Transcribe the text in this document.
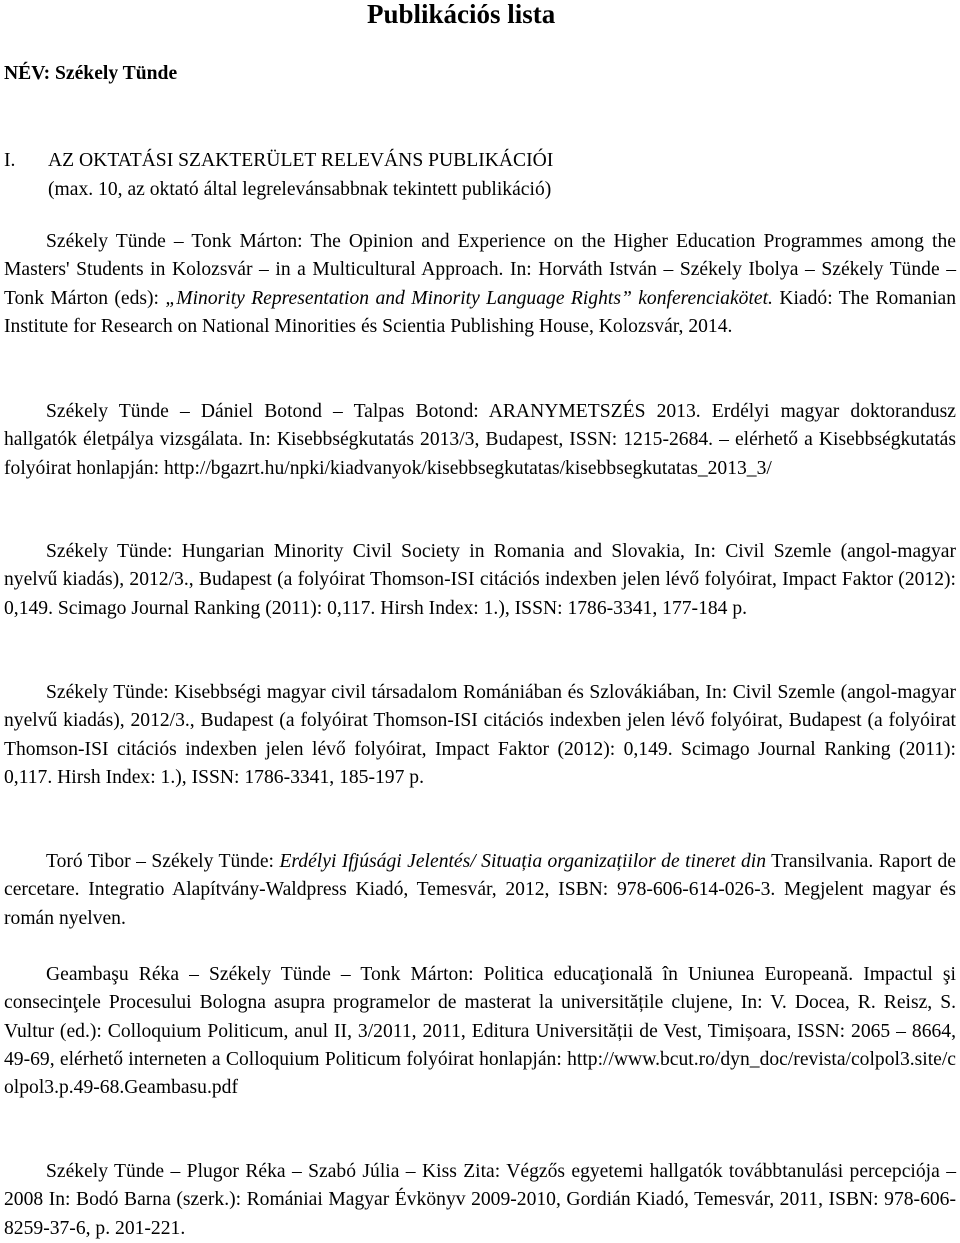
Publikációs lista
NÉV: Székely Tünde
I. AZ OKTATÁSI SZAKTERÜLET RELEVÁNS PUBLIKÁCIÓI
(max. 10, az oktató által legrelevánsabbnak tekintett publikáció)

Székely Tünde – Tonk Márton: The Opinion and Experience on the Higher Education Programmes among the Masters' Students in Kolozsvár – in a Multicultural Approach. In: Horváth István – Székely Ibolya – Székely Tünde – Tonk Márton (eds): „Minority Representation and Minority Language Rights” konferenciakötet. Kiadó: The Romanian Institute for Research on National Minorities és Scientia Publishing House, Kolozsvár, 2014.

Székely Tünde – Dániel Botond – Talpas Botond: ARANYMETSZÉS 2013. Erdélyi magyar doktorandusz hallgatók életpálya vizsgálata. In: Kisebbségkutatás 2013/3, Budapest, ISSN: 1215-2684. – elérhető a Kisebbségkutatás folyóirat honlapján: http://bgazrt.hu/npki/kiadvanyok/kisebbsegkutatas/kisebbsegkutatas_2013_3/

Székely Tünde: Hungarian Minority Civil Society in Romania and Slovakia, In: Civil Szemle (angol-magyar nyelvű kiadás), 2012/3., Budapest (a folyóirat Thomson-ISI citációs indexben jelen lévő folyóirat, Impact Faktor (2012): 0,149. Scimago Journal Ranking (2011): 0,117. Hirsh Index: 1.), ISSN: 1786-3341, 177-184 p.

Székely Tünde: Kisebbségi magyar civil társadalom Romániában és Szlovákiában, In: Civil Szemle (angol-magyar nyelvű kiadás), 2012/3., Budapest (a folyóirat Thomson-ISI citációs indexben jelen lévő folyóirat, Budapest (a folyóirat Thomson-ISI citációs indexben jelen lévő folyóirat, Impact Faktor (2012): 0,149. Scimago Journal Ranking (2011): 0,117. Hirsh Index: 1.), ISSN: 1786-3341, 185-197 p.

Toró Tibor – Székely Tünde: Erdélyi Ifjúsági Jelentés/ Situația organizațiilor de tineret din Transilvania. Raport de cercetare. Integratio Alapítvány-Waldpress Kiadó, Temesvár, 2012, ISBN: 978-606-614-026-3. Megjelent magyar és román nyelven.

Geambaşu Réka – Székely Tünde – Tonk Márton: Politica educaţională în Uniunea Europeană. Impactul şi consecinţele Procesului Bologna asupra programelor de masterat la universitățile clujene, In: V. Docea, R. Reisz, S. Vultur (ed.): Colloquium Politicum, anul II, 3/2011, 2011, Editura Universității de Vest, Timișoara, ISSN: 2065 – 8664, 49-69, elérhető interneten a Colloquium Politicum folyóirat honlapján: http://www.bcut.ro/dyn_doc/revista/colpol3.site/colpol3.p.49-68.Geambasu.pdf

Székely Tünde – Plugor Réka – Szabó Júlia – Kiss Zita: Végzős egyetemi hallgatók továbbtanulási percepciója – 2008 In: Bodó Barna (szerk.): Romániai Magyar Évkönyv 2009-2010, Gordián Kiadó, Temesvár, 2011, ISBN: 978-606-8259-37-6, p. 201-221.
